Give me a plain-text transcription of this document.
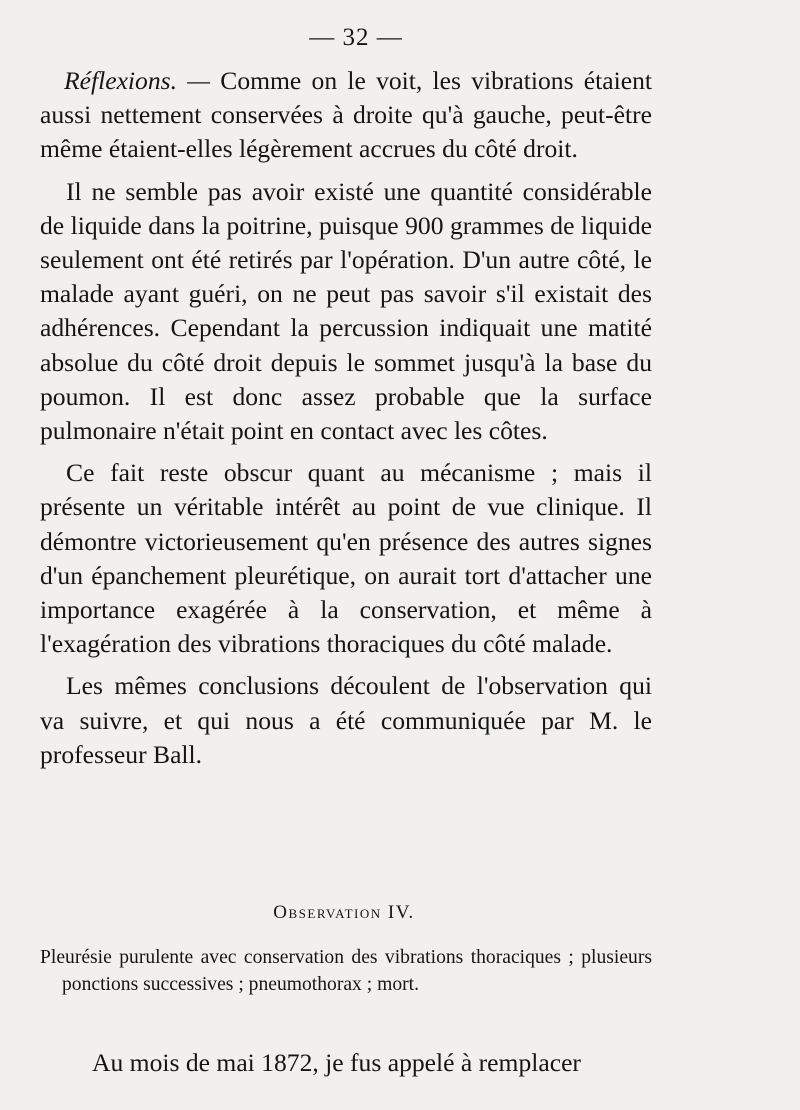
— 32 —

Réflexions. — Comme on le voit, les vibrations étaient aussi nettement conservées à droite qu'à gauche, peut-être même étaient-elles légèrement accrues du côté droit.

Il ne semble pas avoir existé une quantité considérable de liquide dans la poitrine, puisque 900 grammes de liquide seulement ont été retirés par l'opération. D'un autre côté, le malade ayant guéri, on ne peut pas savoir s'il existait des adhérences. Cependant la percussion indiquait une matité absolue du côté droit depuis le sommet jusqu'à la base du poumon. Il est donc assez probable que la surface pulmonaire n'était point en contact avec les côtes.

Ce fait reste obscur quant au mécanisme ; mais il présente un véritable intérêt au point de vue clinique. Il démontre victorieusement qu'en présence des autres signes d'un épanchement pleurétique, on aurait tort d'attacher une importance exagérée à la conservation, et même à l'exagération des vibrations thoraciques du côté malade.

Les mêmes conclusions découlent de l'observation qui va suivre, et qui nous a été communiquée par M. le professeur Ball.

Observation IV.
Pleurésie purulente avec conservation des vibrations thoraciques ; plusieurs ponctions successives ; pneumothorax ; mort.
Au mois de mai 1872, je fus appelé à remplacer
